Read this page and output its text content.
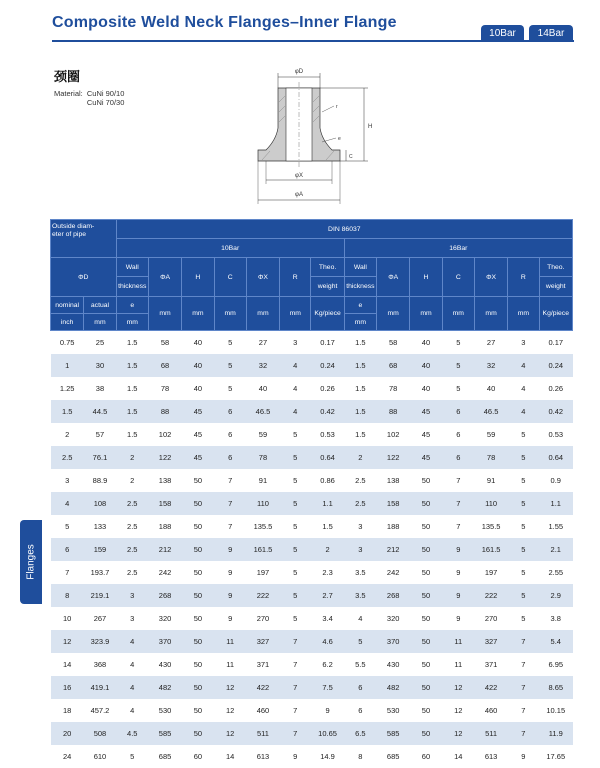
Composite Weld Neck Flanges–Inner Flange
10Bar	14Bar
颈圈
Material: CuNi 90/10
CuNi 70/30
φD
H
r
e
C
φX
φA
Flanges
Outside diam-
eter of pipe		DIN 86037													
		10Bar							16Bar						
ΦD		Wall	ΦA	H	C	ΦX	R	Theo.	Wall	ΦA	H	C	ΦX	R	Theo.
		thickness						weight	thickness						weight
nominal	actual	e	mm	mm	mm	mm	mm	Kg/piece	e	mm	mm	mm	mm	mm	Kg/piece
inch	mm	mm							mm						
0.75	25	1.5	58	40	5	27	3	0.17	1.5	58	40	5	27	3	0.17
1	30	1.5	68	40	5	32	4	0.24	1.5	68	40	5	32	4	0.24
1.25	38	1.5	78	40	5	40	4	0.26	1.5	78	40	5	40	4	0.26
1.5	44.5	1.5	88	45	6	46.5	4	0.42	1.5	88	45	6	46.5	4	0.42
2	57	1.5	102	45	6	59	5	0.53	1.5	102	45	6	59	5	0.53
2.5	76.1	2	122	45	6	78	5	0.64	2	122	45	6	78	5	0.64
3	88.9	2	138	50	7	91	5	0.86	2.5	138	50	7	91	5	0.9
4	108	2.5	158	50	7	110	5	1.1	2.5	158	50	7	110	5	1.1
5	133	2.5	188	50	7	135.5	5	1.5	3	188	50	7	135.5	5	1.55
6	159	2.5	212	50	9	161.5	5	2	3	212	50	9	161.5	5	2.1
7	193.7	2.5	242	50	9	197	5	2.3	3.5	242	50	9	197	5	2.55
8	219.1	3	268	50	9	222	5	2.7	3.5	268	50	9	222	5	2.9
10	267	3	320	50	9	270	5	3.4	4	320	50	9	270	5	3.8
12	323.9	4	370	50	11	327	7	4.6	5	370	50	11	327	7	5.4
14	368	4	430	50	11	371	7	6.2	5.5	430	50	11	371	7	6.95
16	419.1	4	482	50	12	422	7	7.5	6	482	50	12	422	7	8.65
18	457.2	4	530	50	12	460	7	9	6	530	50	12	460	7	10.15
20	508	4.5	585	50	12	511	7	10.65	6.5	585	50	12	511	7	11.9
24	610	5	685	60	14	613	9	14.9	8	685	60	14	613	9	17.65
